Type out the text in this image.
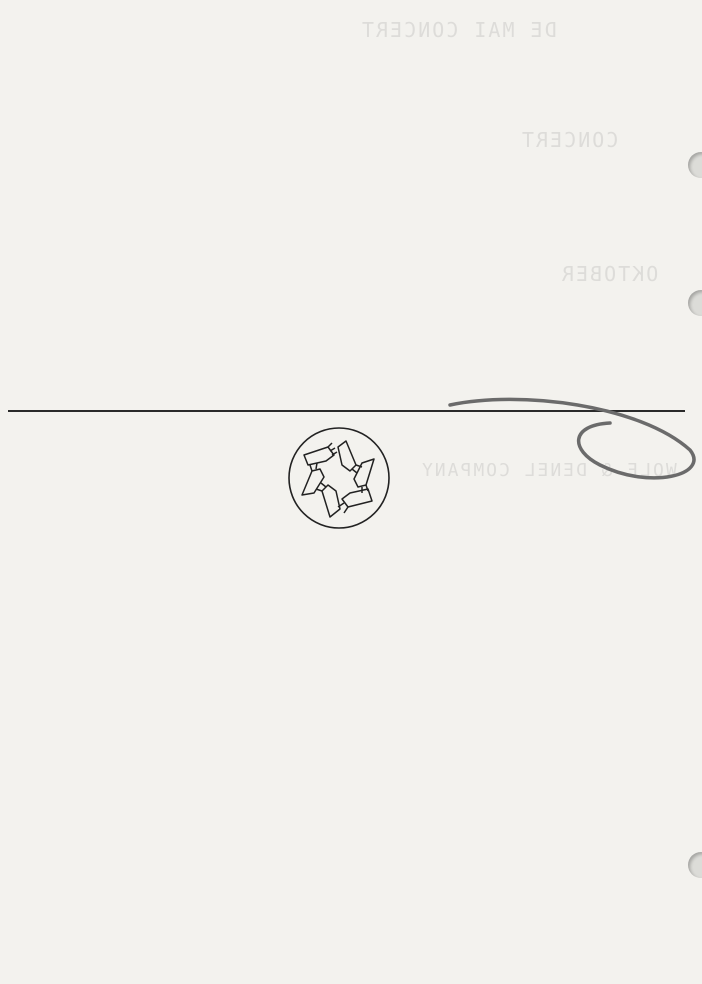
DE MAI CONCERT
CONCERT
OKTOBER
WOLF & DENEL COMPANY
